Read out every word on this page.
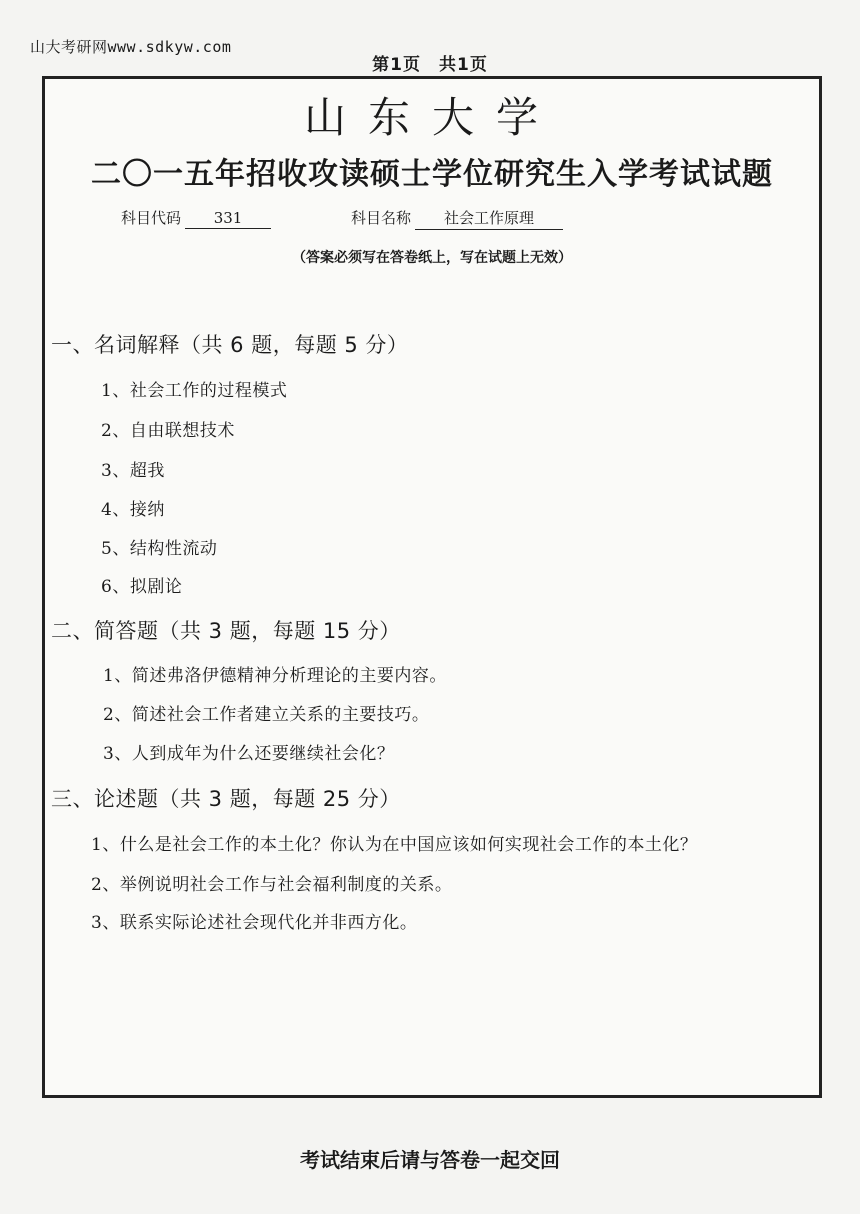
山大考研网www.sdkyw.com
第1页　共1页
山东大学
二〇一五年招收攻读硕士学位研究生入学考试试题
科目代码	331	科目名称	社会工作原理
（答案必须写在答卷纸上，写在试题上无效）
一、名词解释（共 6 题，每题 5 分）
1、社会工作的过程模式
2、自由联想技术
3、超我
4、接纳
5、结构性流动
6、拟剧论
二、简答题（共 3 题，每题 15 分）
1、简述弗洛伊德精神分析理论的主要内容。
2、简述社会工作者建立关系的主要技巧。
3、人到成年为什么还要继续社会化？
三、论述题（共 3 题，每题 25 分）
1、什么是社会工作的本土化？你认为在中国应该如何实现社会工作的本土化？
2、举例说明社会工作与社会福利制度的关系。
3、联系实际论述社会现代化并非西方化。
考试结束后请与答卷一起交回
